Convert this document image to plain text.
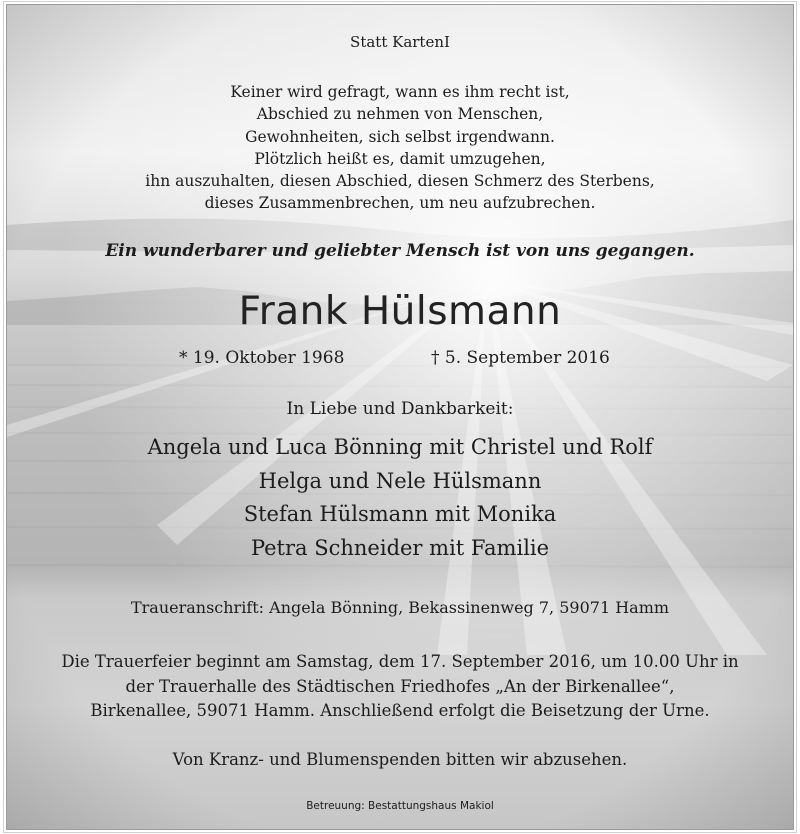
Statt KartenI
Keiner wird gefragt, wann es ihm recht ist,
Abschied zu nehmen von Menschen,
Gewohnheiten, sich selbst irgendwann.
Plötzlich heißt es, damit umzugehen,
ihn auszuhalten, diesen Abschied, diesen Schmerz des Sterbens,
dieses Zusammenbrechen, um neu aufzubrechen.
Ein wunderbarer und geliebter Mensch ist von uns gegangen.
Frank Hülsmann
* 19. Oktober 1968	† 5. September 2016
In Liebe und Dankbarkeit:
Angela und Luca Bönning mit Christel und Rolf
Helga und Nele Hülsmann
Stefan Hülsmann mit Monika
Petra Schneider mit Familie
Traueranschrift: Angela Bönning, Bekassinenweg 7, 59071 Hamm
Die Trauerfeier beginnt am Samstag, dem 17. September 2016, um 10.00 Uhr in
der Trauerhalle des Städtischen Friedhofes „An der Birkenallee“,
Birkenallee, 59071 Hamm. Anschließend erfolgt die Beisetzung der Urne.
Von Kranz- und Blumenspenden bitten wir abzusehen.
Betreuung: Bestattungshaus Makiol
